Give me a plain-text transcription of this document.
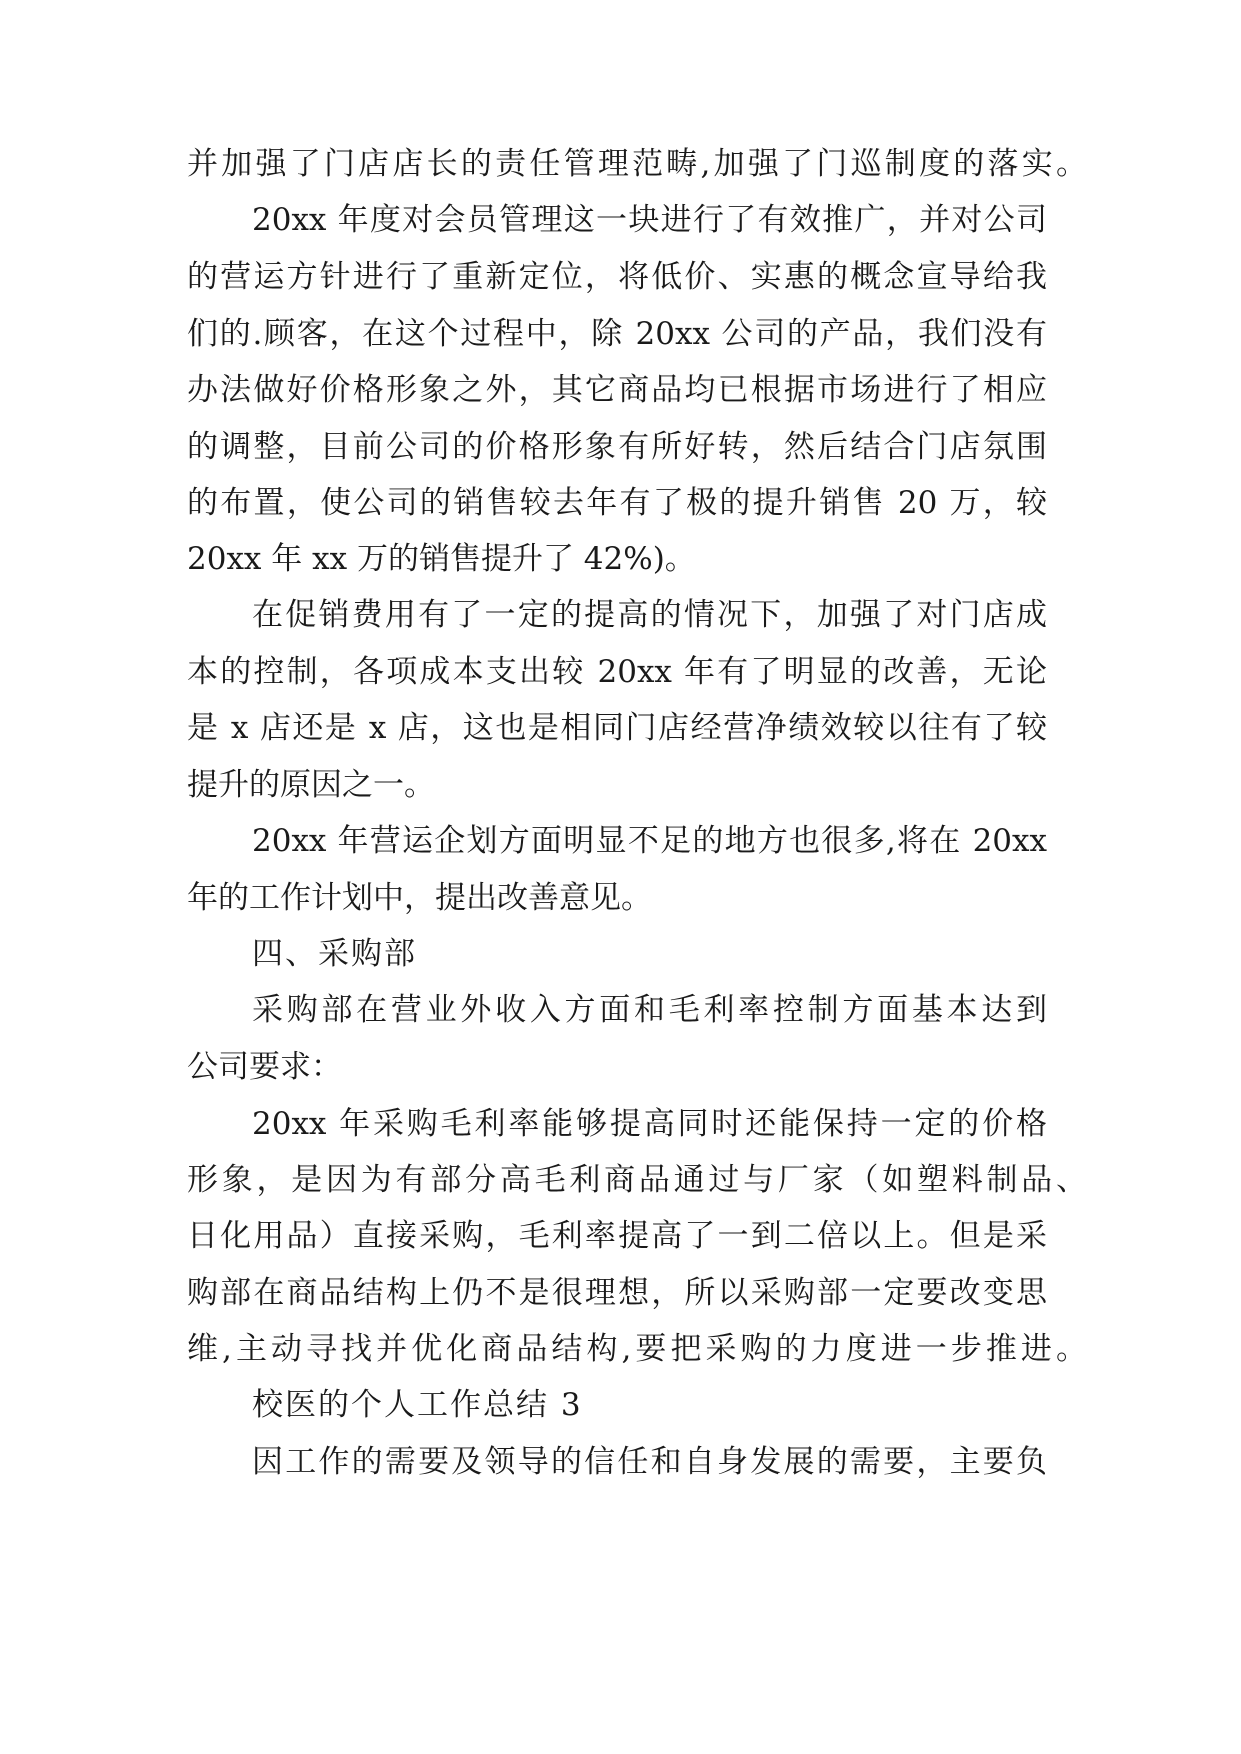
并加强了门店店长的责任管理范畴,加强了门巡制度的落实。
20xx 年度对会员管理这一块进行了有效推广，并对公司
的营运方针进行了重新定位，将低价、实惠的概念宣导给我
们的.顾客，在这个过程中，除 20xx 公司的产品，我们没有
办法做好价格形象之外，其它商品均已根据市场进行了相应
的调整，目前公司的价格形象有所好转，然后结合门店氛围
的布置，使公司的销售较去年有了极的提升销售 20 万，较
20xx 年 xx 万的销售提升了 42%)。
在促销费用有了一定的提高的情况下，加强了对门店成
本的控制，各项成本支出较 20xx 年有了明显的改善，无论
是 x 店还是 x 店，这也是相同门店经营净绩效较以往有了较
提升的原因之一。
20xx 年营运企划方面明显不足的地方也很多,将在 20xx
年的工作计划中，提出改善意见。
四、采购部
采购部在营业外收入方面和毛利率控制方面基本达到
公司要求：
20xx 年采购毛利率能够提高同时还能保持一定的价格
形象，是因为有部分高毛利商品通过与厂家（如塑料制品、
日化用品）直接采购，毛利率提高了一到二倍以上。但是采
购部在商品结构上仍不是很理想，所以采购部一定要改变思
维,主动寻找并优化商品结构,要把采购的力度进一步推进。
校医的个人工作总结 3
因工作的需要及领导的信任和自身发展的需要，主要负
